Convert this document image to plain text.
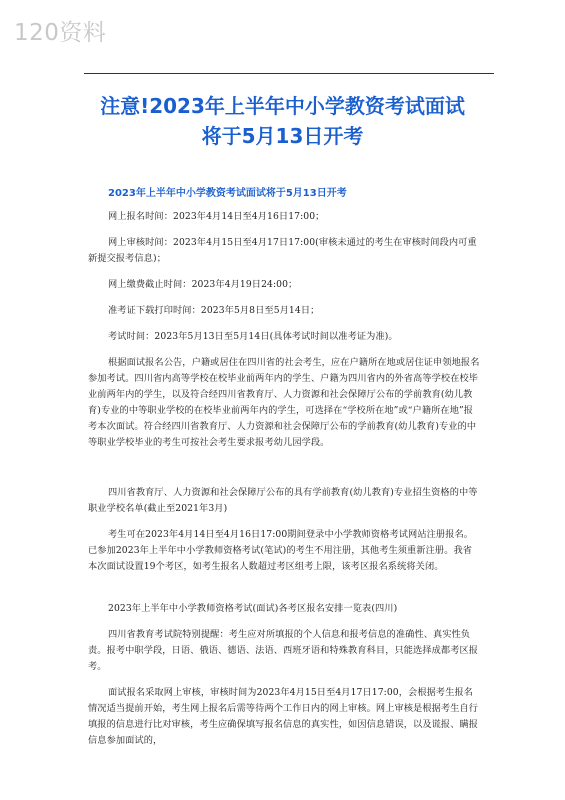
120资料
注意!2023年上半年中小学教资考试面试
将于5月13日开考
2023年上半年中小学教资考试面试将于5月13日开考
网上报名时间：2023年4月14日至4月16日17:00；
网上审核时间：2023年4月15日至4月17日17:00(审核未通过的考生在审核时间段内可重新提交报考信息)；
网上缴费截止时间：2023年4月19日24:00；
准考证下载打印时间：2023年5月8日至5月14日；
考试时间：2023年5月13日至5月14日(具体考试时间以准考证为准)。
根据面试报名公告，户籍或居住在四川省的社会考生，应在户籍所在地或居住证申领地报名参加考试。四川省内高等学校在校毕业前两年内的学生、户籍为四川省内的外省高等学校在校毕业前两年内的学生，以及符合经四川省教育厅、人力资源和社会保障厅公布的学前教育(幼儿教育)专业的中等职业学校的在校毕业前两年内的学生，可选择在“学校所在地”或“户籍所在地”报考本次面试。符合经四川省教育厅、人力资源和社会保障厅公布的学前教育(幼儿教育)专业的中等职业学校毕业的考生可按社会考生要求报考幼儿园学段。
四川省教育厅、人力资源和社会保障厅公布的具有学前教育(幼儿教育)专业招生资格的中等职业学校名单(截止至2021年3月)
考生可在2023年4月14日至4月16日17:00期间登录中小学教师资格考试网站注册报名。已参加2023年上半年中小学教师资格考试(笔试)的考生不用注册，其他考生须重新注册。我省本次面试设置19个考区，如考生报名人数超过考区组考上限，该考区报名系统将关闭。
2023年上半年中小学教师资格考试(面试)各考区报名安排一览表(四川)
四川省教育考试院特别提醒：考生应对所填报的个人信息和报考信息的准确性、真实性负责。报考中职学段，日语、俄语、德语、法语、西班牙语和特殊教育科目，只能选择成都考区报考。
面试报名采取网上审核，审核时间为2023年4月15日至4月17日17:00，会根据考生报名情况适当提前开始，考生网上报名后需等待两个工作日内的网上审核。网上审核是根据考生自行填报的信息进行比对审核，考生应确保填写报名信息的真实性，如因信息错误，以及谎报、瞒报信息参加面试的，
